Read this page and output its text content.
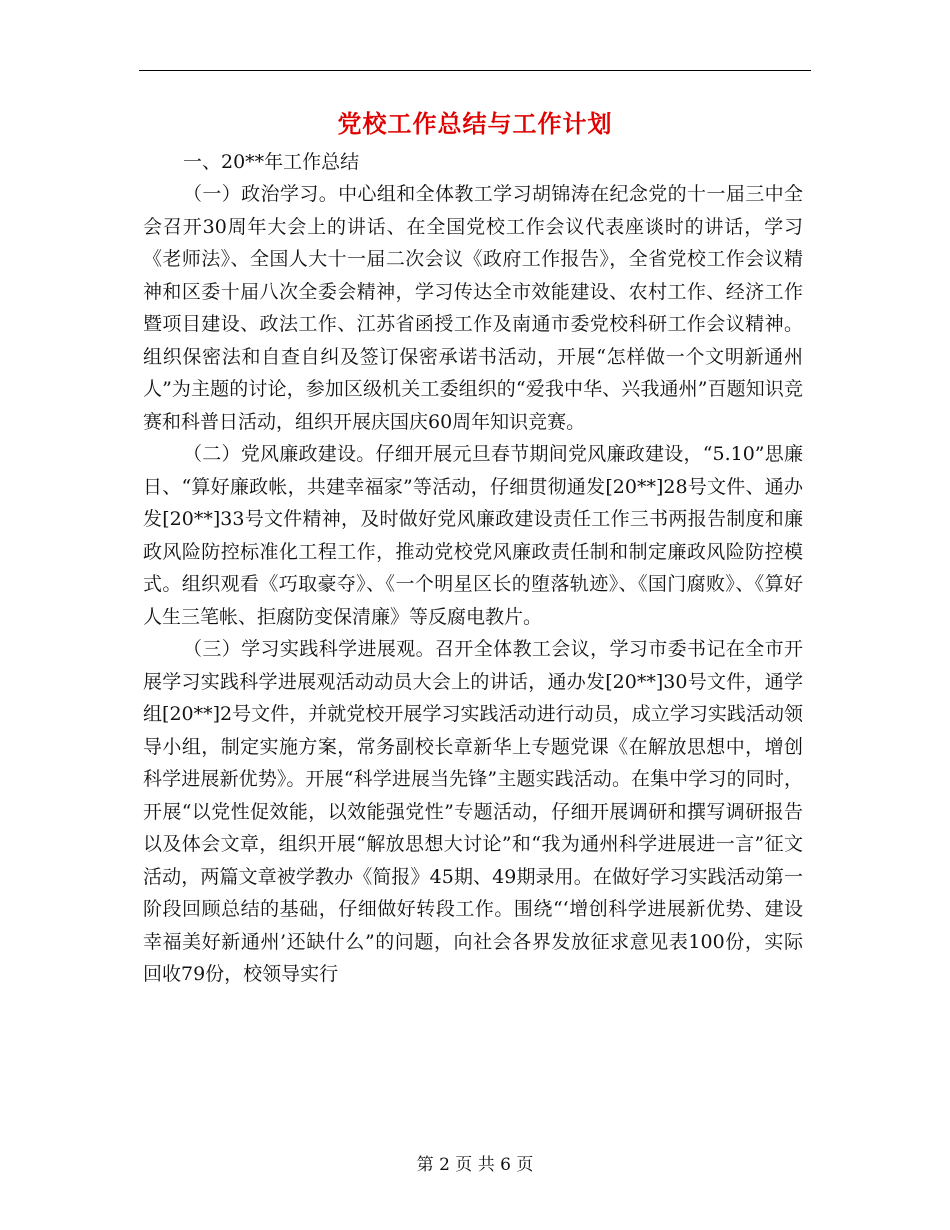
党校工作总结与工作计划

一、20**年工作总结

（一）政治学习。中心组和全体教工学习胡锦涛在纪念党的十一届三中全会召开30周年大会上的讲话、在全国党校工作会议代表座谈时的讲话，学习《老师法》、全国人大十一届二次会议《政府工作报告》，全省党校工作会议精神和区委十届八次全委会精神，学习传达全市效能建设、农村工作、经济工作暨项目建设、政法工作、江苏省函授工作及南通市委党校科研工作会议精神。组织保密法和自查自纠及签订保密承诺书活动，开展“怎样做一个文明新通州人”为主题的讨论，参加区级机关工委组织的“爱我中华、兴我通州”百题知识竞赛和科普日活动，组织开展庆国庆60周年知识竞赛。

（二）党风廉政建设。仔细开展元旦春节期间党风廉政建设，“5.10”思廉日、“算好廉政帐，共建幸福家”等活动，仔细贯彻通发[20**]28号文件、通办发[20**]33号文件精神，及时做好党风廉政建设责任工作三书两报告制度和廉政风险防控标准化工程工作，推动党校党风廉政责任制和制定廉政风险防控模式。组织观看《巧取豪夺》、《一个明星区长的堕落轨迹》、《国门腐败》、《算好人生三笔帐、拒腐防变保清廉》等反腐电教片。

（三）学习实践科学进展观。召开全体教工会议，学习市委书记在全市开展学习实践科学进展观活动动员大会上的讲话，通办发[20**]30号文件，通学组[20**]2号文件，并就党校开展学习实践活动进行动员，成立学习实践活动领导小组，制定实施方案，常务副校长章新华上专题党课《在解放思想中，增创科学进展新优势》。开展“科学进展当先锋”主题实践活动。在集中学习的同时，开展“以党性促效能，以效能强党性”专题活动，仔细开展调研和撰写调研报告以及体会文章，组织开展“解放思想大讨论”和“我为通州科学进展进一言”征文活动，两篇文章被学教办《简报》45期、49期录用。在做好学习实践活动第一阶段回顾总结的基础，仔细做好转段工作。围绕“‘增创科学进展新优势、建设幸福美好新通州’还缺什么”的问题，向社会各界发放征求意见表100份，实际回收79份，校领导实行

第 2 页 共 6 页
